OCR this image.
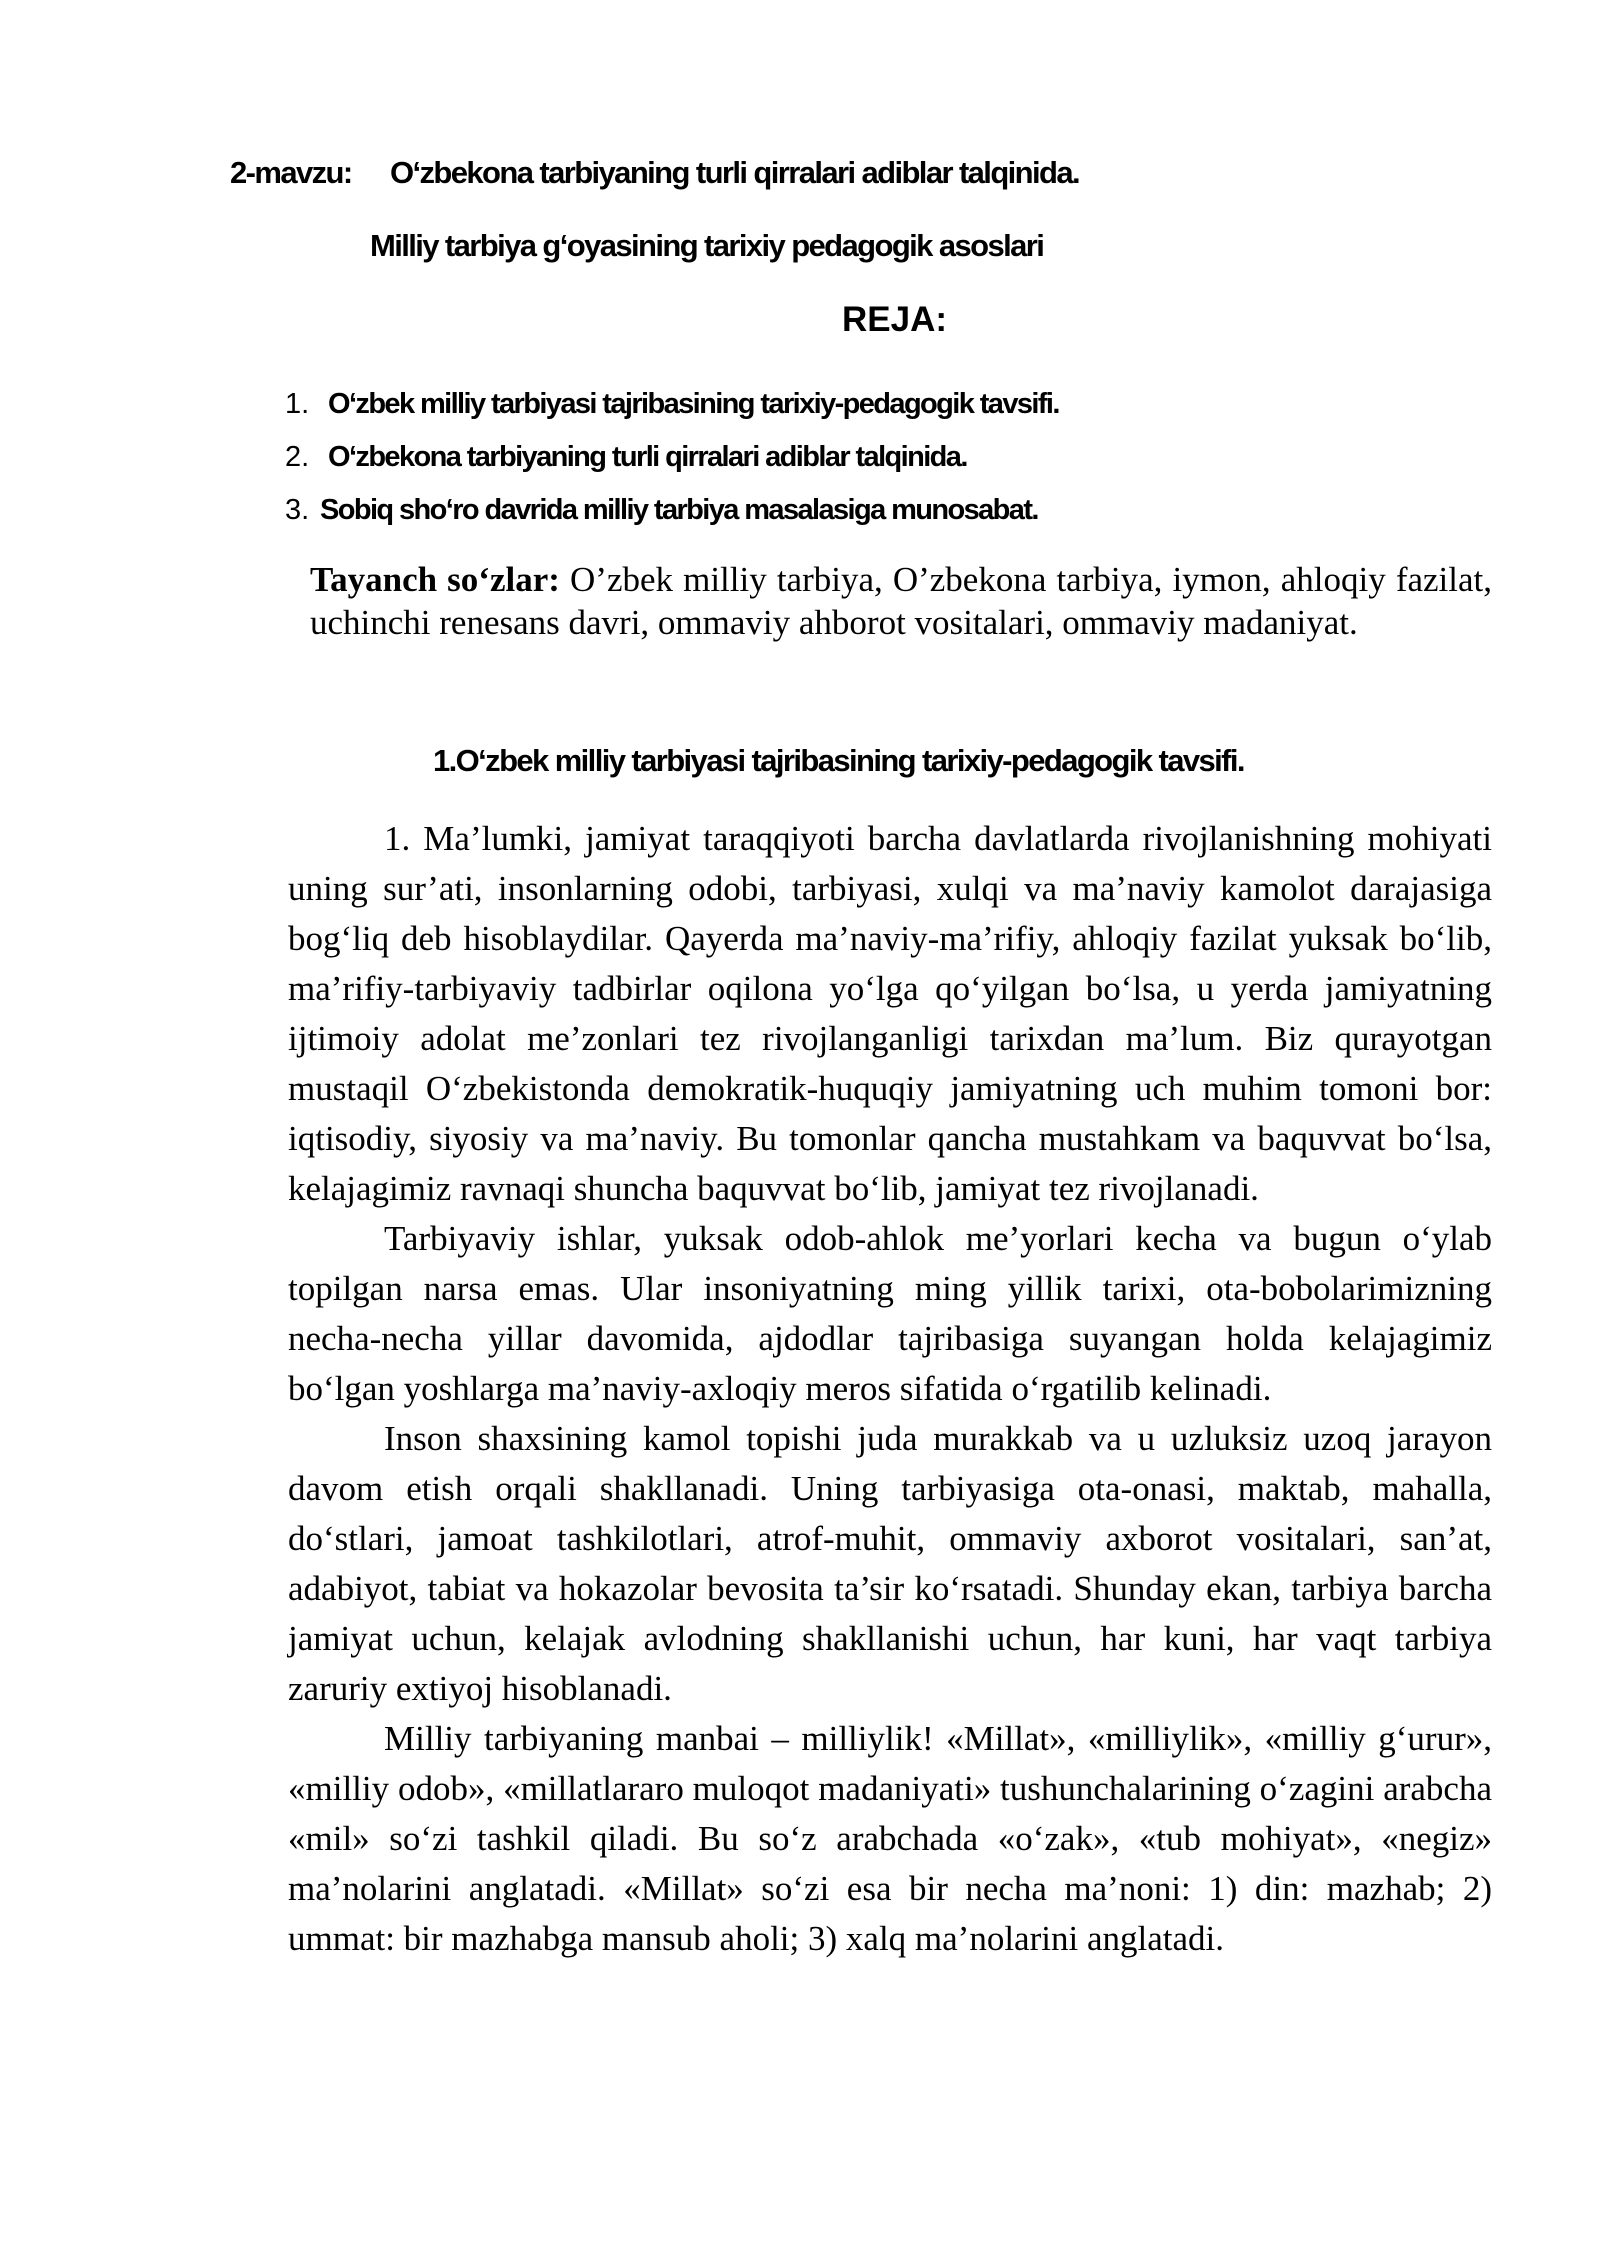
2-mavzu: O‘zbekona tarbiyaning turli qirralari adiblar talqinida.
Milliy tarbiya g‘oyasining tarixiy pedagogik asoslari
REJA:
1. O‘zbek milliy tarbiyasi tajribasining tarixiy-pedagogik tavsifi.
2. O‘zbekona tarbiyaning turli qirralari adiblar talqinida.
3. Sobiq sho‘ro davrida milliy tarbiya masalasiga munosabat.

Tayanch so‘zlar: O’zbek milliy tarbiya, O’zbekona tarbiya, iymon, ahloqiy fazilat, uchinchi renesans davri, ommaviy ahborot vositalari, ommaviy madaniyat.

1.O‘zbek milliy tarbiyasi tajribasining tarixiy-pedagogik tavsifi.

1. Ma’lumki, jamiyat taraqqiyoti barcha davlatlarda rivojlanishning mohiyati uning sur’ati, insonlarning odobi, tarbiyasi, xulqi va ma’naviy kamolot darajasiga bog‘liq deb hisoblaydilar. Qayerda ma’naviy-ma’rifiy, ahloqiy fazilat yuksak bo‘lib, ma’rifiy-tarbiyaviy tadbirlar oqilona yo‘lga qo‘yilgan bo‘lsa, u yerda jamiyatning ijtimoiy adolat me’zonlari tez rivojlanganligi tarixdan ma’lum. Biz qurayotgan mustaqil O‘zbekistonda demokratik-huquqiy jamiyatning uch muhim tomoni bor: iqtisodiy, siyosiy va ma’naviy. Bu tomonlar qancha mustahkam va baquvvat bo‘lsa, kelajagimiz ravnaqi shuncha baquvvat bo‘lib, jamiyat tez rivojlanadi.

Tarbiyaviy ishlar, yuksak odob-ahlok me’yorlari kecha va bugun o‘ylab topilgan narsa emas. Ular insoniyatning ming yillik tarixi, ota-bobolarimizning necha-necha yillar davomida, ajdodlar tajribasiga suyangan holda kelajagimiz bo‘lgan yoshlarga ma’naviy-axloqiy meros sifatida o‘rgatilib kelinadi.

Inson shaxsining kamol topishi juda murakkab va u uzluksiz uzoq jarayon davom etish orqali shakllanadi. Uning tarbiyasiga ota-onasi, maktab, mahalla, do‘stlari, jamoat tashkilotlari, atrof-muhit, ommaviy axborot vositalari, san’at, adabiyot, tabiat va hokazolar bevosita ta’sir ko‘rsatadi. Shunday ekan, tarbiya barcha jamiyat uchun, kelajak avlodning shakllanishi uchun, har kuni, har vaqt tarbiya zaruriy extiyoj hisoblanadi.

Milliy tarbiyaning manbai – milliylik! «Millat», «milliylik», «milliy g‘urur», «milliy odob», «millatlararo muloqot madaniyati» tushunchalarining o‘zagini arabcha «mil» so‘zi tashkil qiladi. Bu so‘z arabchada «o‘zak», «tub mohiyat», «negiz» ma’nolarini anglatadi. «Millat» so‘zi esa bir necha ma’noni: 1) din: mazhab; 2) ummat: bir mazhabga mansub aholi; 3) xalq ma’nolarini anglatadi.
